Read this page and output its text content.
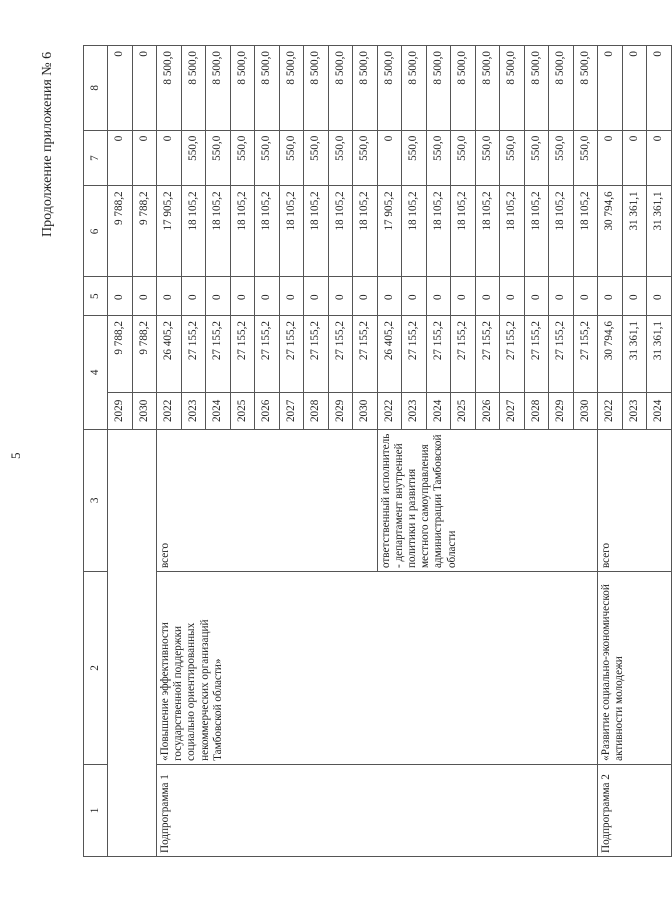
5
Продолжение приложения № 6
1	2	3	4		5	6	7	8
			2029	9 788,2	0	9 788,2	0	0
			2030	9 788,2	0	9 788,2	0	0
Подпрограмма 1	«Повышение эффективности государственной поддержки социально ориентированных некоммерческих организаций Тамбовской области»	всего	2022	26 405,2	0	17 905,2	0	8 500,0
			2023	27 155,2	0	18 105,2	550,0	8 500,0
			2024	27 155,2	0	18 105,2	550,0	8 500,0
			2025	27 155,2	0	18 105,2	550,0	8 500,0
			2026	27 155,2	0	18 105,2	550,0	8 500,0
			2027	27 155,2	0	18 105,2	550,0	8 500,0
			2028	27 155,2	0	18 105,2	550,0	8 500,0
			2029	27 155,2	0	18 105,2	550,0	8 500,0
			2030	27 155,2	0	18 105,2	550,0	8 500,0
		ответственный исполнитель - департамент внутренней политики и развития местного самоуправления администрации Тамбовской области	2022	26 405,2	0	17 905,2	0	8 500,0
			2023	27 155,2	0	18 105,2	550,0	8 500,0
			2024	27 155,2	0	18 105,2	550,0	8 500,0
			2025	27 155,2	0	18 105,2	550,0	8 500,0
			2026	27 155,2	0	18 105,2	550,0	8 500,0
			2027	27 155,2	0	18 105,2	550,0	8 500,0
			2028	27 155,2	0	18 105,2	550,0	8 500,0
			2029	27 155,2	0	18 105,2	550,0	8 500,0
			2030	27 155,2	0	18 105,2	550,0	8 500,0
Подпрограмма 2	«Развитие социально-экономической активности молодежи	всего	2022	30 794,6	0	30 794,6	0	0
			2023	31 361,1	0	31 361,1	0	0
			2024	31 361,1	0	31 361,1	0	0
